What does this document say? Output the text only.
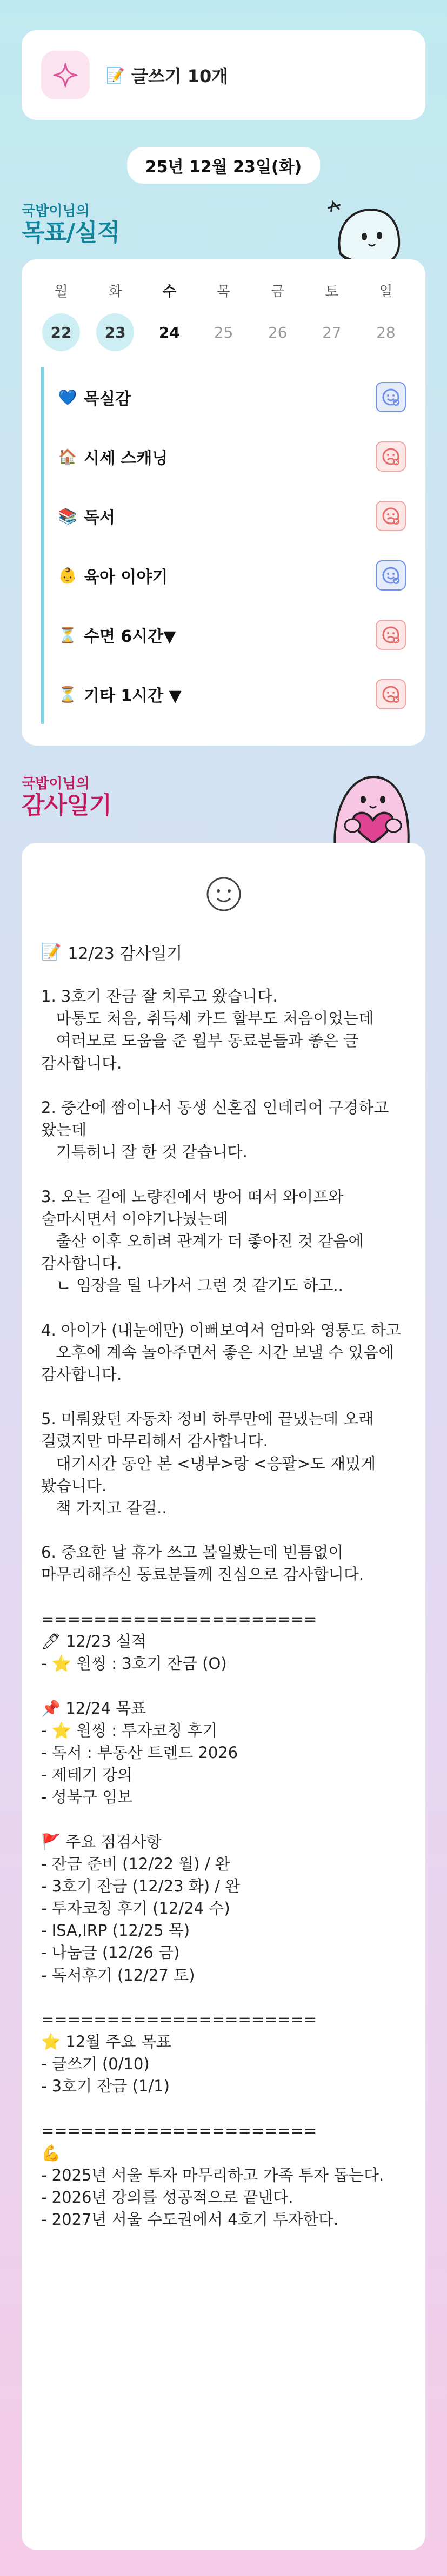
📝 글쓰기 10개
25년 12월 23일(화)
국밥이님의
목표/실적
월
22
화
23
수
24
목
25
금
26
토
27
일
28
💙 목실감
🏠 시세 스캐닝
📚 독서
👶 육아 이야기
⏳ 수면 6시간▼
⏳ 기타 1시간 ▼
국밥이님의
감사일기
📝 12/23 감사일기
1. 3호기 잔금 잘 치루고 왔습니다.
마통도 처음, 취득세 카드 할부도 처음이었는데
여러모로 도움을 준 월부 동료분들과 좋은 글 감사합니다.

2. 중간에 짬이나서 동생 신혼집 인테리어 구경하고 왔는데
기특허니 잘 한 것 같습니다.

3. 오는 길에 노량진에서 방어 떠서 와이프와 술마시면서 이야기나눴는데
출산 이후 오히려 관계가 더 좋아진 것 같음에 감사합니다.
ㄴ 임장을 덜 나가서 그런 것 같기도 하고..

4. 아이가 (내눈에만) 이뻐보여서 엄마와 영통도 하고
오후에 계속 놀아주면서 좋은 시간 보낼 수 있음에 감사합니다.

5. 미뤄왔던 자동차 정비 하루만에 끝냈는데 오래 걸렸지만 마무리해서 감사합니다.
대기시간 동안 본 <냉부>랑 <응팔>도 재밌게 봤습니다.
책 가지고 갈걸..

6. 중요한 날 휴가 쓰고 볼일봤는데 빈틈없이 마무리해주신 동료분들께 진심으로 감사합니다.

=====================
🖊 12/23 실적
- ⭐ 원씽 : 3호기 잔금 (O)

📌 12/24 목표
- ⭐ 원씽 : 투자코칭 후기
- 독서 : 부동산 트렌드 2026
- 제테기 강의
- 성북구 임보

🚩 주요 점검사항
- 잔금 준비 (12/22 월) / 완
- 3호기 잔금 (12/23 화) / 완
- 투자코칭 후기 (12/24 수)
- ISA,IRP (12/25 목)
- 나눔글 (12/26 금)
- 독서후기 (12/27 토)

=====================
⭐ 12월 주요 목표
- 글쓰기 (0/10)
- 3호기 잔금 (1/1)

=====================
💪
- 2025년 서울 투자 마무리하고 가족 투자 돕는다.
- 2026년 강의를 성공적으로 끝낸다.
- 2027년 서울 수도권에서 4호기 투자한다.
